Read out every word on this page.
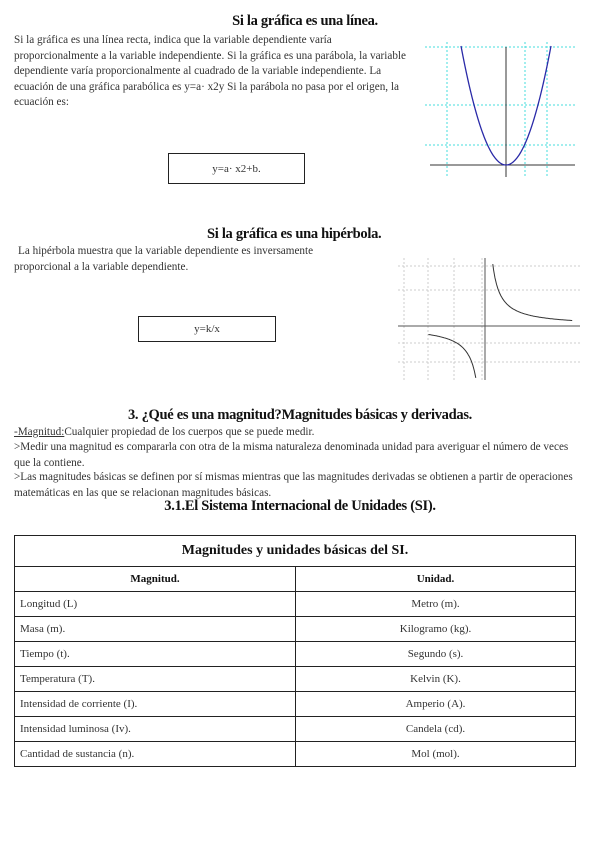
Si la gráfica es una línea.
Si la gráfica es una línea recta, indica que la variable dependiente varía proporcionalmente a la variable independiente. Si la gráfica es una parábola, la variable dependiente varía proporcionalmente al cuadrado de la variable independiente. La ecuación de una gráfica parabólica es y=a· x2y Si la parábola no pasa por el origen, la ecuación es:
y=a· x2+b.
Si la gráfica es una hipérbola.
La hipérbola muestra que la variable dependiente es inversamente proporcional a la variable dependiente.
y=k/x
3. ¿Qué es una magnitud?Magnitudes básicas y derivadas.
-Magnitud:Cualquier propiedad de los cuerpos que se puede medir.
>Medir una magnitud es compararla con otra de la misma naturaleza denominada unidad para averiguar el número de veces que la contiene.
>Las magnitudes básicas se definen por sí mismas mientras que las magnitudes derivadas se obtienen a partir de operaciones matemáticas en las que se relacionan magnitudes básicas.
3.1.El Sistema Internacional de Unidades (SI).
Magnitudes y unidades básicas del SI.	
Magnitud.	Unidad.
Longitud (L)	Metro (m).
Masa (m).	Kilogramo (kg).
Tiempo (t).	Segundo (s).
Temperatura (T).	Kelvin (K).
Intensidad de corriente (I).	Amperio (A).
Intensidad luminosa (Iv).	Candela (cd).
Cantidad de sustancia (n).	Mol (mol).
